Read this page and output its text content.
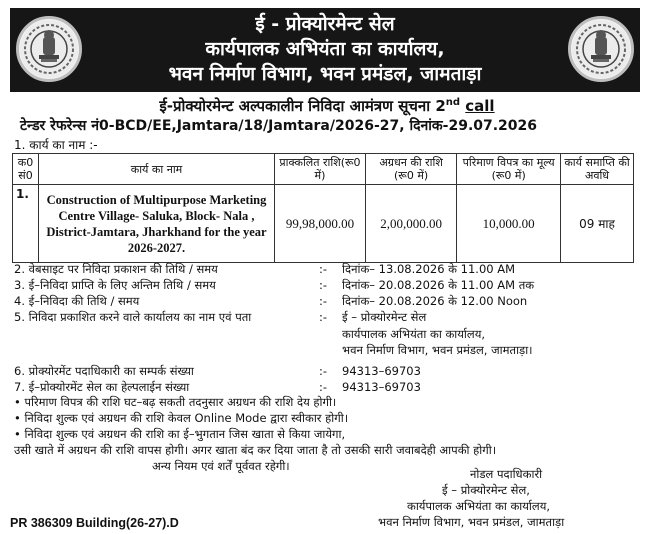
ई - प्रोक्योरमेन्ट सेल
कार्यपालक अभियंता का कार्यालय,
भवन निर्माण विभाग, भवन प्रमंडल, जामताड़ा
ई-प्रोक्योरमेन्ट अल्पकालीन निविदा आमंत्रण सूचना 2nd call
टेन्डर रेफरेन्स नं0-BCD/EE,Jamtara/18/Jamtara/2026-27, दिनांक-29.07.2026
1. कार्य का नाम :-
क0 सं0	कार्य का नाम	प्राक्कलित राशि(रू0 में)	अग्रधन की राशि (रू0 में)	परिमाण विपत्र का मूल्य (रू0 में)	कार्य समाप्ति की अवधि
1.	Construction of Multipurpose Marketing Centre Village- Saluka, Block- Nala , District-Jamtara, Jharkhand for the year 2026-2027.	99,98,000.00	2,00,000.00	10,000.00	09 माह
2. वेबसाइट पर निविदा प्रकाशन की तिथि / समय	:- दिनांक– 13.08.2026 के 11.00 AM
3. ई–निविदा प्राप्ति के लिए अन्तिम तिथि / समय	:- दिनांक– 20.08.2026 के 11.00 AM तक
4. ई–निविदा की तिथि / समय	:- दिनांक– 20.08.2026 के 12.00 Noon
5. निविदा प्रकाशित करने वाले कार्यालय का नाम एवं पता	:- ई – प्रोक्योरमेन्ट सेल
कार्यपालक अभियंता का कार्यालय,
भवन निर्माण विभाग, भवन प्रमंडल, जामताड़ा।
6. प्रोक्योरमेंट पदाधिकारी का सम्पर्क संख्या	:- 94313–69703
7. ई–प्रोक्योरमेंट सेल का हेल्पलाईन संख्या	:- 94313–69703
• परिमाण विपत्र की राशि घट–बढ़ सकती तदनुसार अग्रधन की राशि देय होगी।
• निविदा शुल्क एवं अग्रधन की राशि केवल Online Mode द्वारा स्वीकार होगी।
• निविदा शुल्क एवं अग्रधन की राशि का ई–भुगतान जिस खाता से किया जायेगा,
उसी खाते में अग्रधन की राशि वापस होगी। अगर खाता बंद कर दिया जाता है तो उसकी सारी जवाबदेही आपकी होगी।
अन्य नियम एवं शर्तें पूर्ववत रहेगी।
नोडल पदाधिकारी
ई – प्रोक्योरमेन्ट सेल,
कार्यपालक अभियंता का कार्यालय,
भवन निर्माण विभाग, भवन प्रमंडल, जामताड़ा
PR 386309 Building(26-27).D
